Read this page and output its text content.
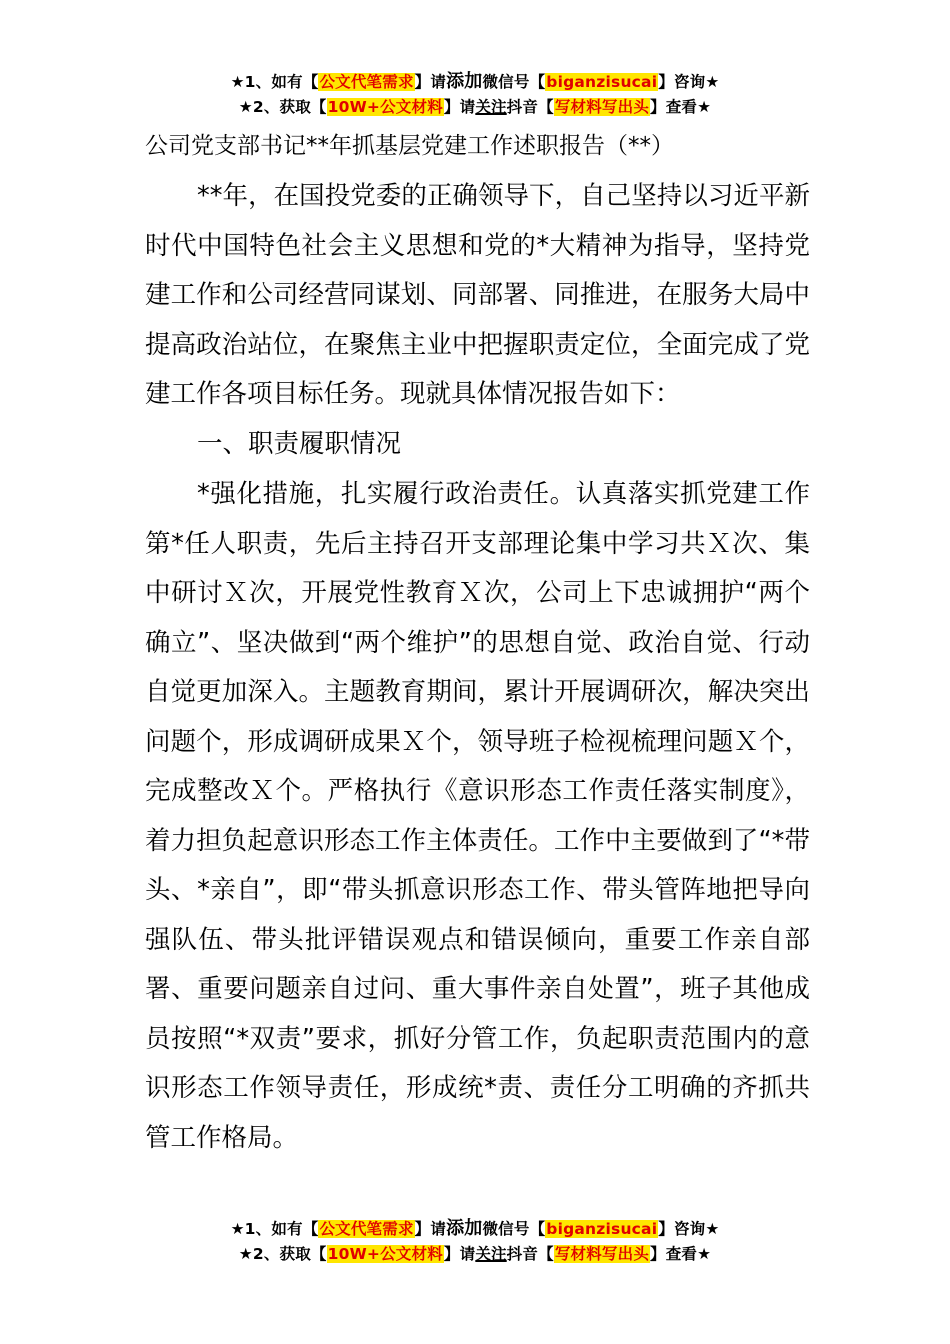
★1、如有【公文代笔需求】请添加微信号【biganzisucai】咨询★
★2、获取【10W+公文材料】请关注抖音【写材料写出头】查看★
公司党支部书记**年抓基层党建工作述职报告（**）

**年，在国投党委的正确领导下，自己坚持以习近平新时代中国特色社会主义思想和党的*大精神为指导，坚持党建工作和公司经营同谋划、同部署、同推进，在服务大局中提高政治站位，在聚焦主业中把握职责定位，全面完成了党建工作各项目标任务。现就具体情况报告如下：

一、职责履职情况

*强化措施，扎实履行政治责任。认真落实抓党建工作第*任人职责，先后主持召开支部理论集中学习共Ｘ次、集中研讨Ｘ次，开展党性教育Ｘ次，公司上下忠诚拥护“两个确立”、坚决做到“两个维护”的思想自觉、政治自觉、行动自觉更加深入。主题教育期间，累计开展调研次，解决突出问题个，形成调研成果Ｘ个，领导班子检视梳理问题Ｘ个，完成整改Ｘ个。严格执行《意识形态工作责任落实制度》，着力担负起意识形态工作主体责任。工作中主要做到了“*带头、*亲自”，即“带头抓意识形态工作、带头管阵地把导向强队伍、带头批评错误观点和错误倾向，重要工作亲自部署、重要问题亲自过问、重大事件亲自处置”，班子其他成员按照“*双责”要求，抓好分管工作，负起职责范围内的意识形态工作领导责任，形成统*责、责任分工明确的齐抓共管工作格局。

★1、如有【公文代笔需求】请添加微信号【biganzisucai】咨询★
★2、获取【10W+公文材料】请关注抖音【写材料写出头】查看★
